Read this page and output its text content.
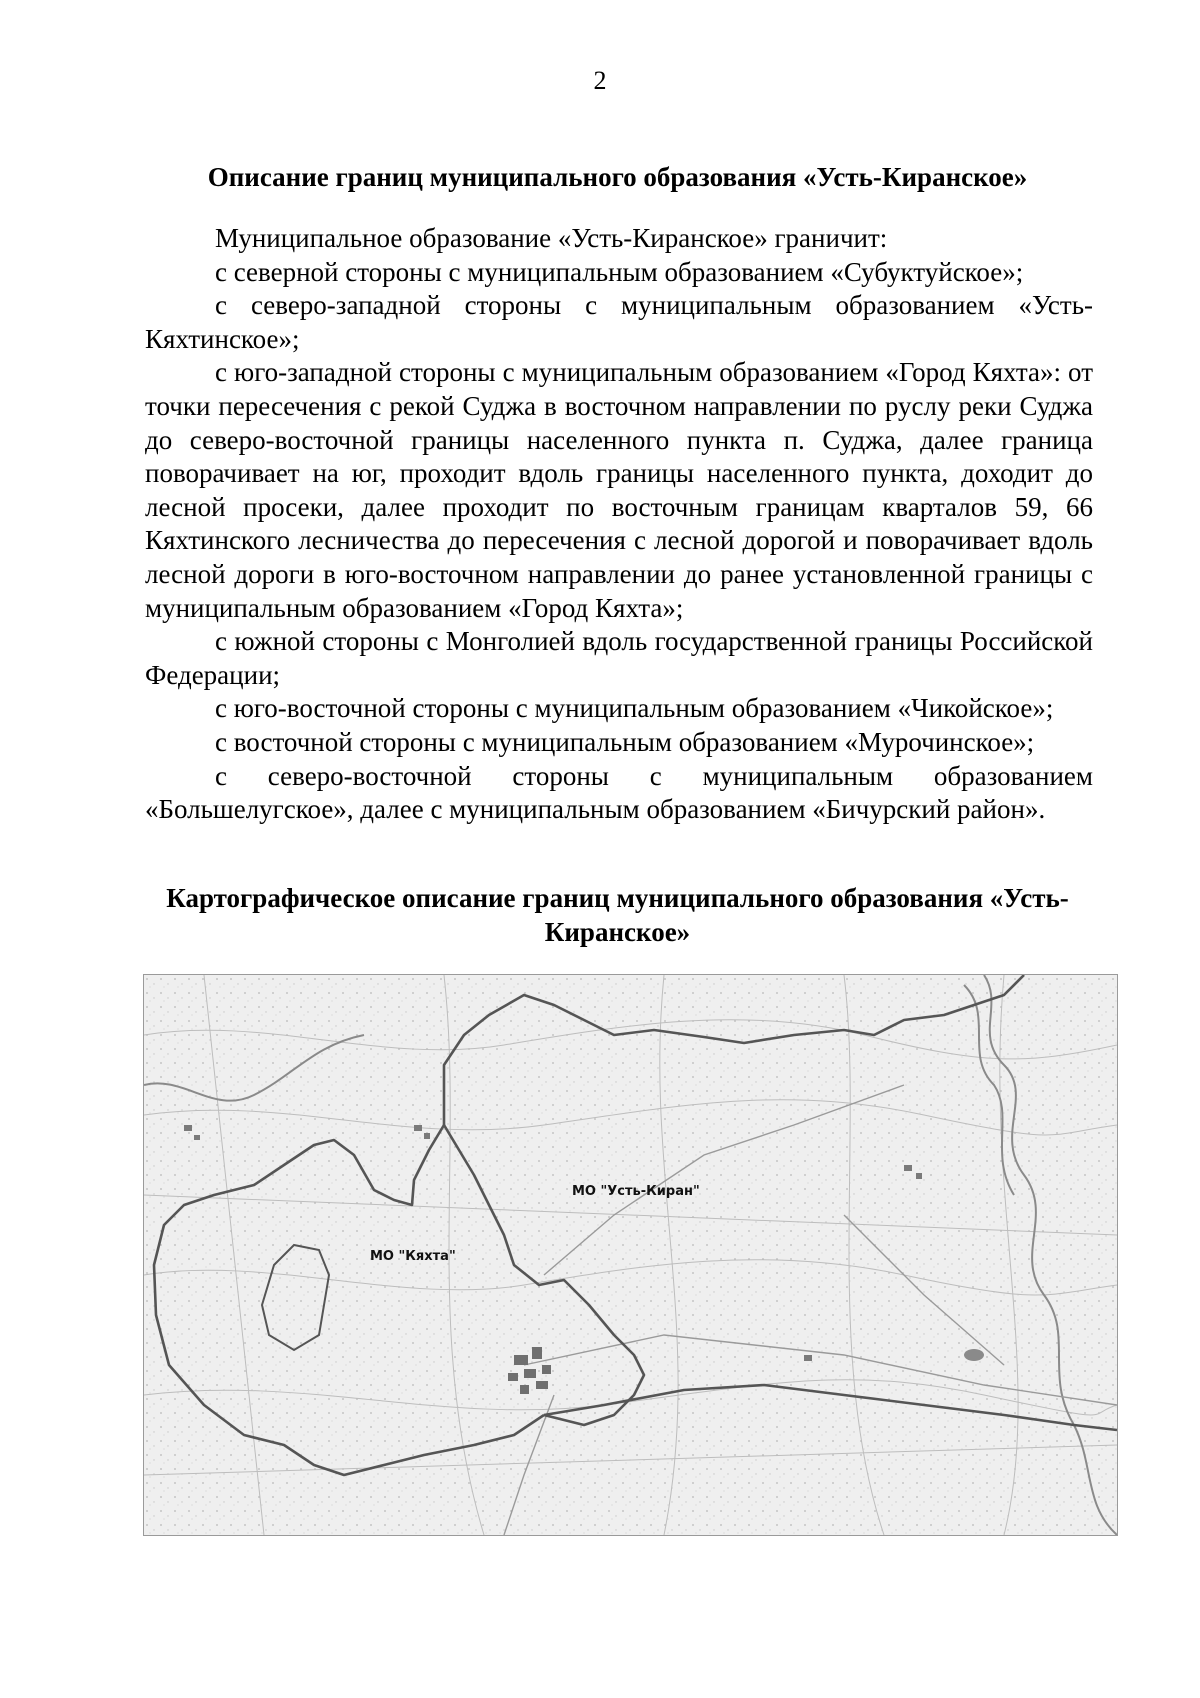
2
Описание границ муниципального образования «Усть-Киранское»

Муниципальное образование «Усть-Киранское» граничит:

с северной стороны с муниципальным образованием «Субуктуйское»;

с северо-западной стороны с муниципальным образованием «Усть-Кяхтинское»;

с юго-западной стороны с муниципальным образованием «Город Кяхта»: от точки пересечения с рекой Суджа в восточном направлении по руслу реки Суджа до северо-восточной границы населенного пункта п. Суджа, далее граница поворачивает на юг, проходит вдоль границы населенного пункта, доходит до лесной просеки, далее проходит по восточным границам кварталов 59, 66 Кяхтинского лесничества до пересечения с лесной дорогой и поворачивает вдоль лесной дороги в юго-восточном направлении до ранее установленной границы с муниципальным образованием «Город Кяхта»;

с южной стороны с Монголией вдоль государственной границы Российской Федерации;

с юго-восточной стороны с муниципальным образованием «Чикойское»;

с восточной стороны с муниципальным образованием «Мурочинское»;

с северо-восточной стороны с муниципальным образованием «Большелугское», далее с муниципальным образованием «Бичурский район».

Картографическое описание границ муниципального образования «Усть-Киранское»
МО "Усть-Киран"
МО "Кяхта"
